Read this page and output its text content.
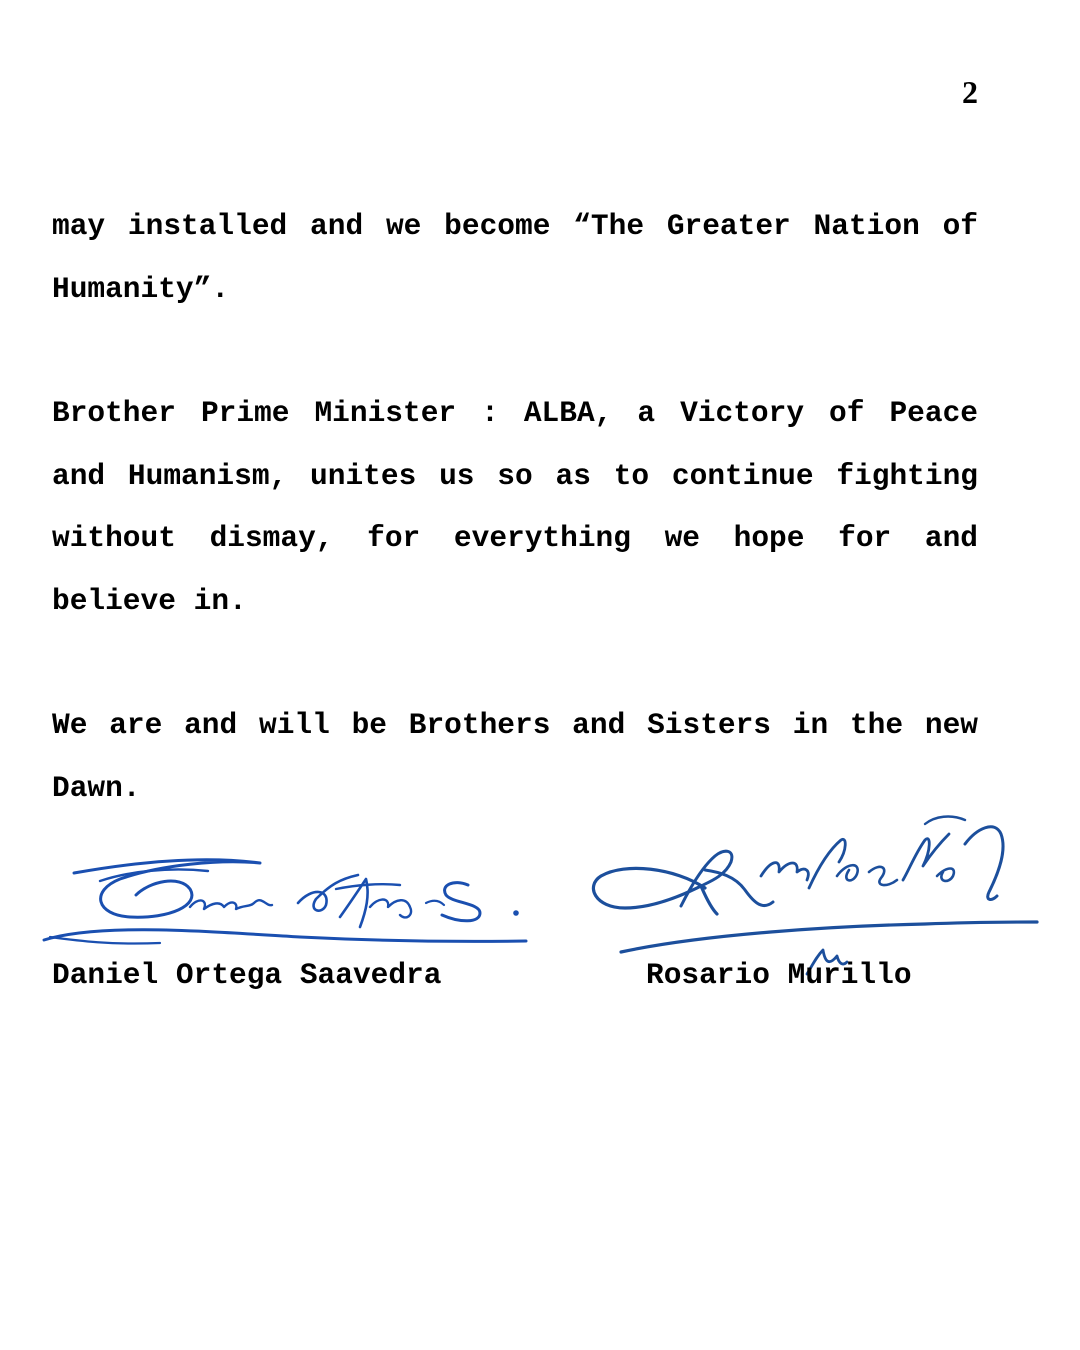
2

may installed and we become “The Greater Nation of Humanity”.

Brother Prime Minister : ALBA, a Victory of Peace and Humanism, unites us so as to continue fighting without dismay, for everything we hope for and believe in.

We are and will be Brothers and Sisters in the new Dawn.

Daniel Ortega Saavedra	Rosario Murillo
